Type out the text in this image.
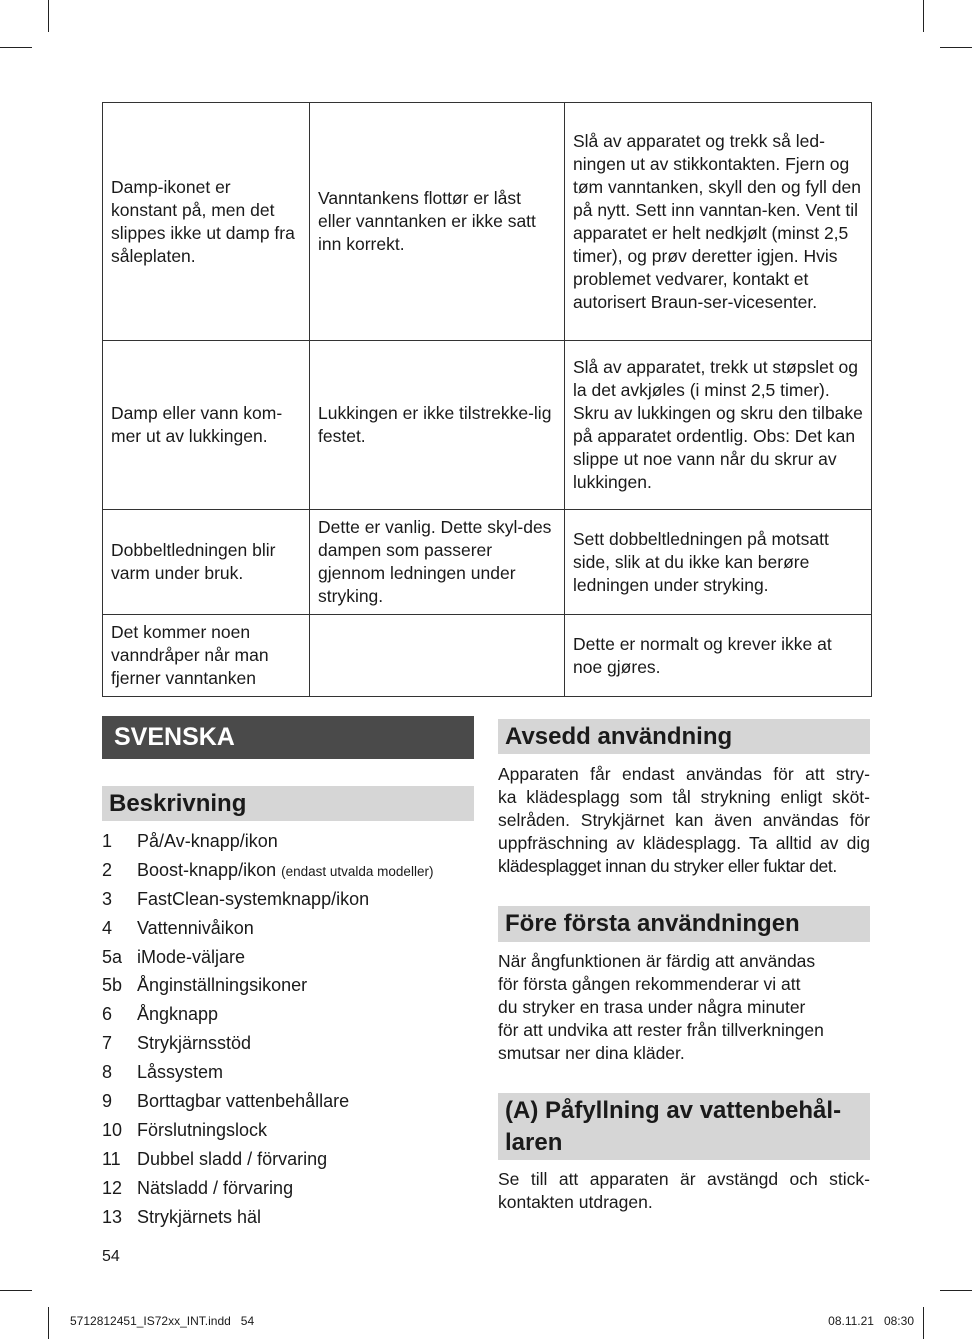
Damp-ikonet er konstant på, men det slippes ikke ut damp fra såleplaten.	Vanntankens flottør er låst eller vanntanken er ikke satt inn korrekt.	Slå av apparatet og trekk så led-ningen ut av stikkontakten. Fjern og tøm vanntanken, skyll den og fyll den på nytt. Sett inn vanntan-ken. Vent til apparatet er helt nedkjølt (minst 2,5 timer), og prøv deretter igjen. Hvis problemet vedvarer, kontakt et autorisert Braun-ser-vicesenter.
Damp eller vann kom-mer ut av lukkingen.	Lukkingen er ikke tilstrekke-lig festet.	Slå av apparatet, trekk ut støpslet og la det avkjøles (i minst 2,5 timer). Skru av lukkingen og skru den tilbake på apparatet ordentlig. Obs: Det kan slippe ut noe vann når du skrur av lukkingen.
Dobbeltledningen blir varm under bruk.	Dette er vanlig. Dette skyl-des dampen som passerer gjennom ledningen under stryking.	Sett dobbeltledningen på motsatt side, slik at du ikke kan berøre ledningen under stryking.
Det kommer noen vanndråper når man fjerner vanntanken		Dette er normalt og krever ikke at noe gjøres.
SVENSKA
Beskrivning
1 På/Av-knapp/ikon
2 Boost-knapp/ikon (endast utvalda modeller)
3 FastClean-systemknapp/ikon
4 Vattennivåikon
5a iMode-väljare
5b Ånginställningsikoner
6 Ångknapp
7 Strykjärnsstöd
8 Låssystem
9 Borttagbar vattenbehållare
10 Förslutningslock
11 Dubbel sladd / förvaring
12 Nätsladd / förvaring
13 Strykjärnets häl
54
Avsedd användning
Apparaten får endast användas för att stry-
ka klädesplagg som tål strykning enligt sköt-
selråden. Strykjärnet kan även användas för
uppfräschning av klädesplagg. Ta alltid av dig
klädesplagget innan du stryker eller fuktar det.
Före första användningen
När ångfunktionen är färdig att användas
för första gången rekommenderar vi att
du stryker en trasa under några minuter
för att undvika att rester från tillverkningen
smutsar ner dina kläder.
(A) Påfyllning av vattenbehål-
laren
Se till att apparaten är avstängd och stick-
kontakten utdragen.
5712812451_IS72xx_INT.indd   54	08.11.21   08:30
